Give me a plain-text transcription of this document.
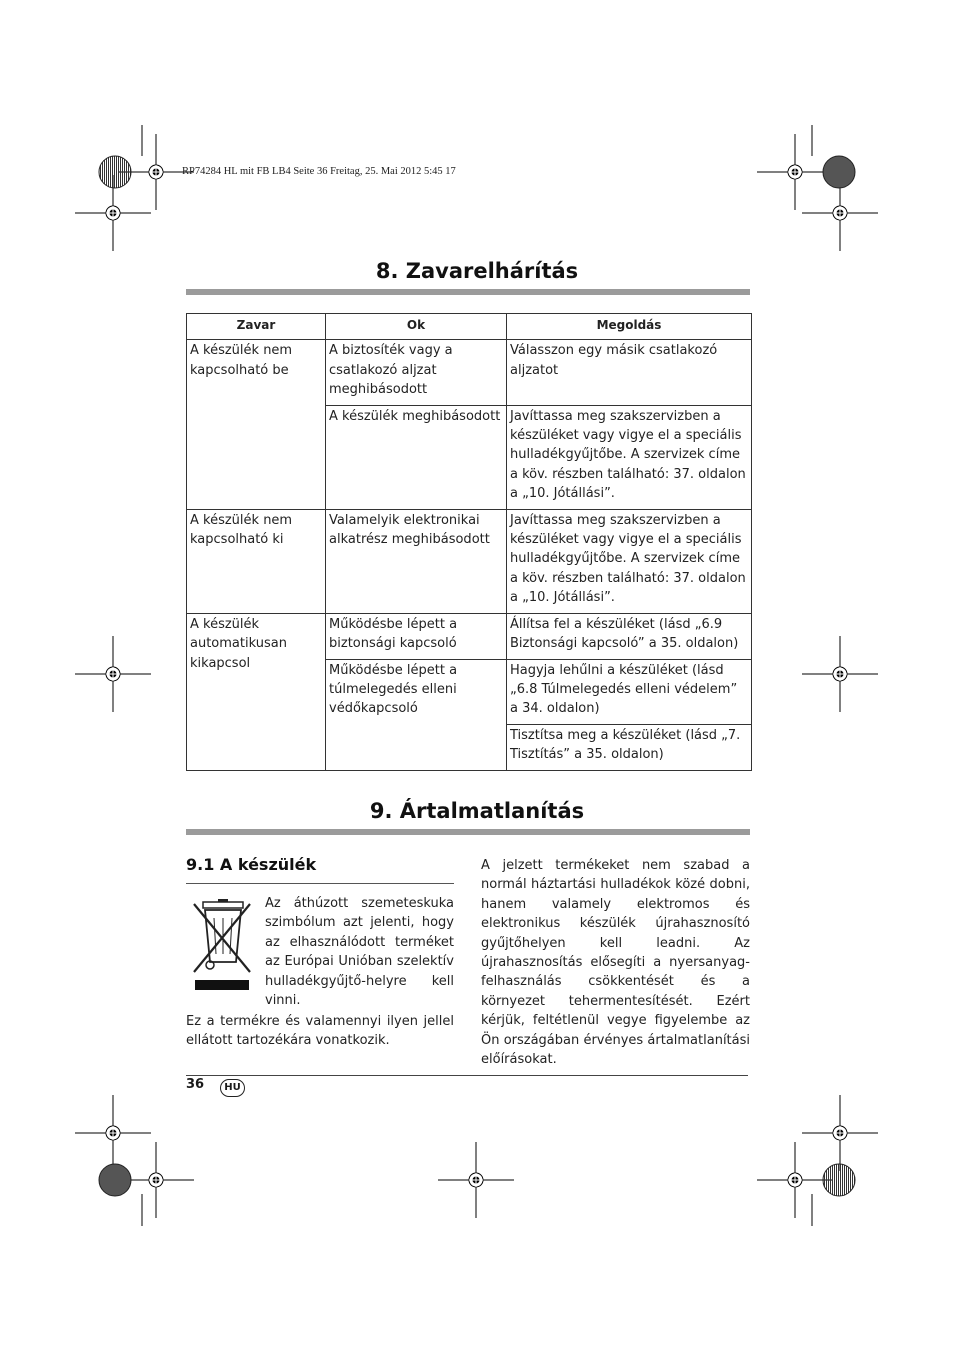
RP74284 HL mit FB LB4 Seite 36 Freitag, 25. Mai 2012 5:45 17
8. Zavarelhárítás
Zavar	Ok	Megoldás
A készülék nem kapcsolható be	A biztosíték vagy a csatlakozó aljzat meghibásodott	Válasszon egy másik csatlakozó aljzatot
	A készülék meghibásodott	Javíttassa meg szakszervizben a készüléket vagy vigye el a speciális hulladékgyűjtőbe. A szervizek címe a köv. részben található: 37. oldalon a „10. Jótállási”.
A készülék nem kapcsolható ki	Valamelyik elektronikai alkatrész meghibásodott	Javíttassa meg szakszervizben a készüléket vagy vigye el a speciális hulladékgyűjtőbe. A szervizek címe a köv. részben található: 37. oldalon a „10. Jótállási”.
A készülék automatikusan kikapcsol	Működésbe lépett a biztonsági kapcsoló	Állítsa fel a készüléket (lásd „6.9 Biztonsági kapcsoló” a 35. oldalon)
	Működésbe lépett a túlmelegedés elleni védőkapcsoló	Hagyja lehűlni a készüléket (lásd „6.8 Túlmelegedés elleni védelem” a 34. oldalon)
		Tisztítsa meg a készüléket (lásd „7. Tisztítás” a 35. oldalon)
9. Ártalmatlanítás
9.1 A készülék
Az áthúzott szemeteskuka szimbólum azt jelenti, hogy az elhasználódott terméket az Európai Unióban szelektív hulladékgyűjtő-helyre kell vinni.
Ez a termékre és valamennyi ilyen jellel ellátott tartozékára vonatkozik.
A jelzett termékeket nem szabad a normál háztartási hulladékok közé dobni, hanem valamely elektromos és elektronikus készülék újrahasznosító gyűjtőhelyen kell leadni. Az újrahasznosítás elősegíti a nyersanyag-felhasználás csökkentését és a környezet tehermentesítését. Ezért kérjük, feltétlenül vegye figyelembe az Ön országában érvényes ártalmatlanítási előírásokat.
36	HU
